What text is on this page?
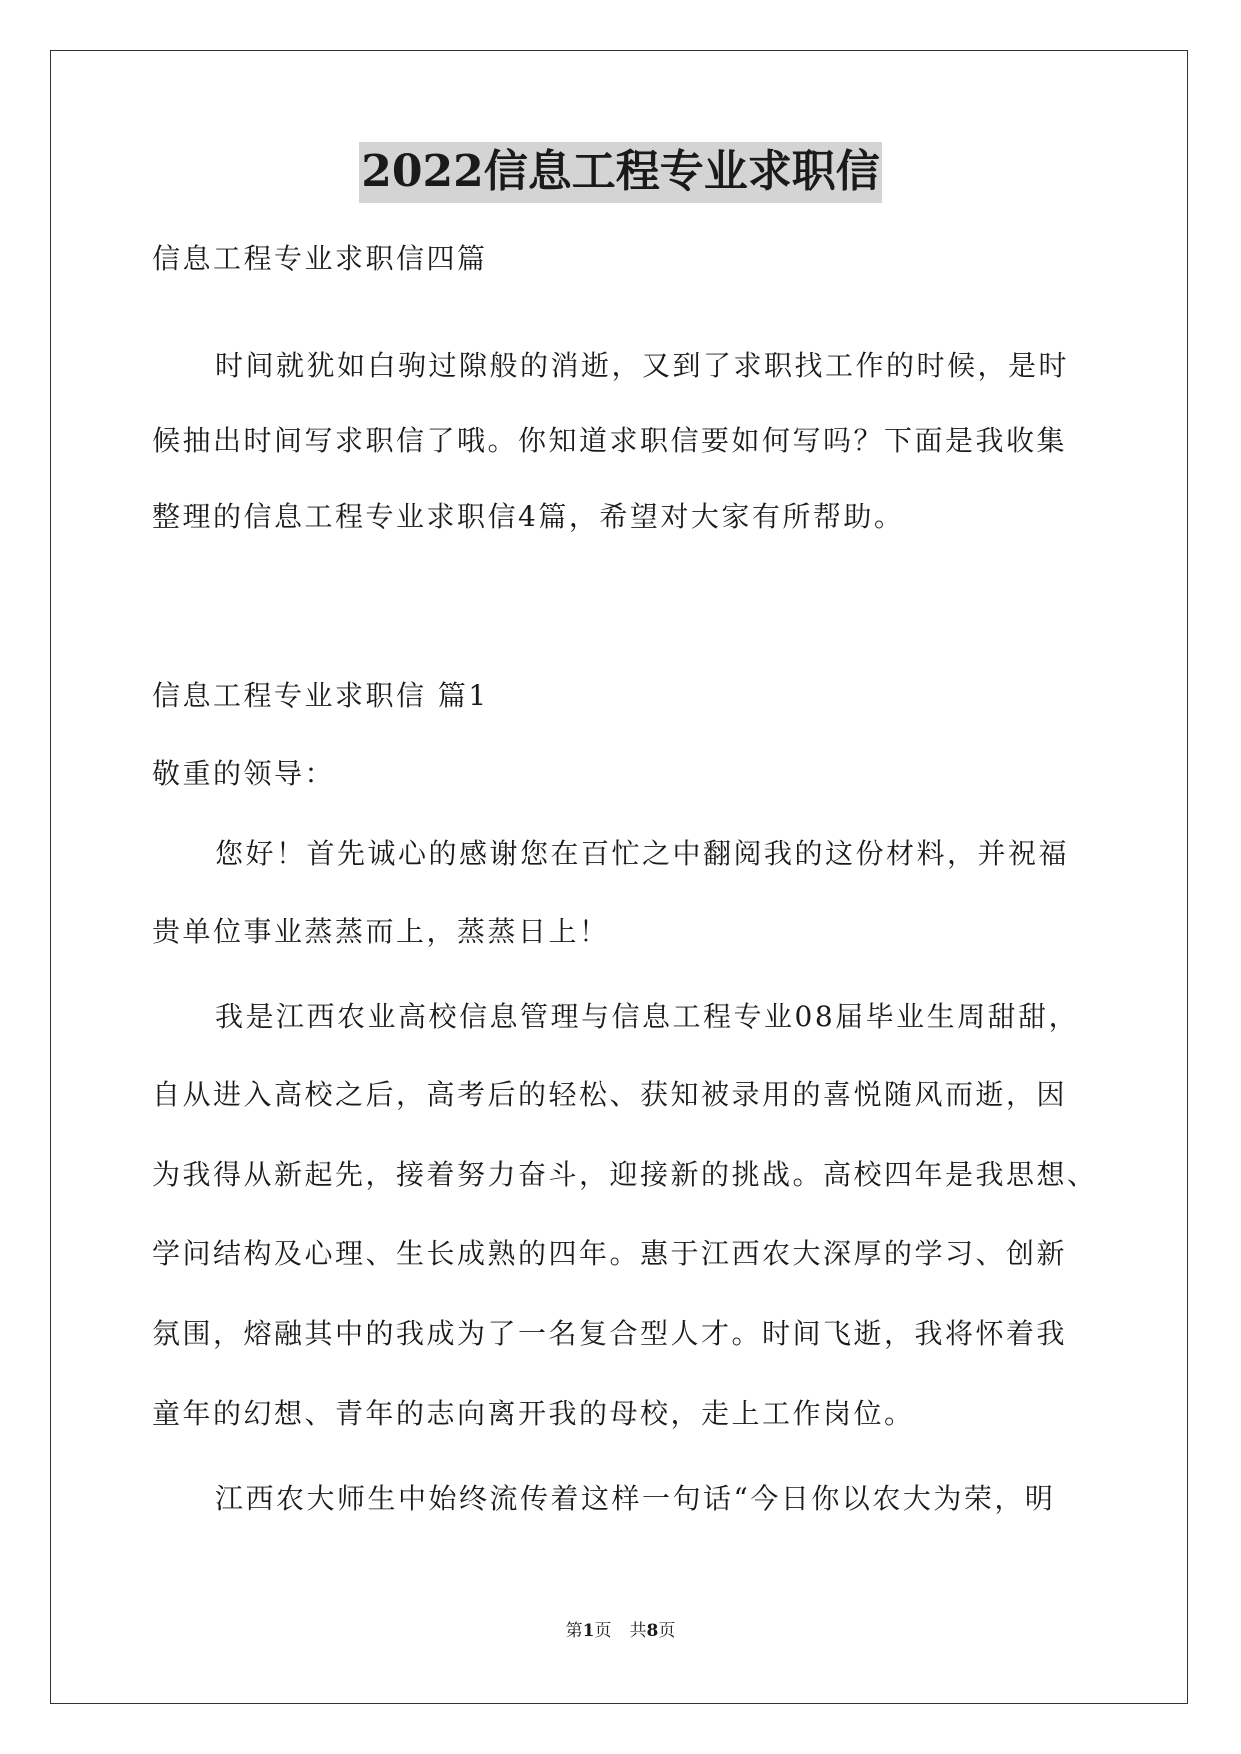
2022信息工程专业求职信

信息工程专业求职信四篇

时间就犹如白驹过隙般的消逝，又到了求职找工作的时候，是时

候抽出时间写求职信了哦。你知道求职信要如何写吗？下面是我收集

整理的信息工程专业求职信4篇，希望对大家有所帮助。

信息工程专业求职信 篇1

敬重的领导：

您好！首先诚心的感谢您在百忙之中翻阅我的这份材料，并祝福

贵单位事业蒸蒸而上，蒸蒸日上！

我是江西农业高校信息管理与信息工程专业08届毕业生周甜甜，

自从进入高校之后，高考后的轻松、获知被录用的喜悦随风而逝，因

为我得从新起先，接着努力奋斗，迎接新的挑战。高校四年是我思想、

学问结构及心理、生长成熟的四年。惠于江西农大深厚的学习、创新

氛围，熔融其中的我成为了一名复合型人才。时间飞逝，我将怀着我

童年的幻想、青年的志向离开我的母校，走上工作岗位。

江西农大师生中始终流传着这样一句话“今日你以农大为荣，明

第1页 共8页
